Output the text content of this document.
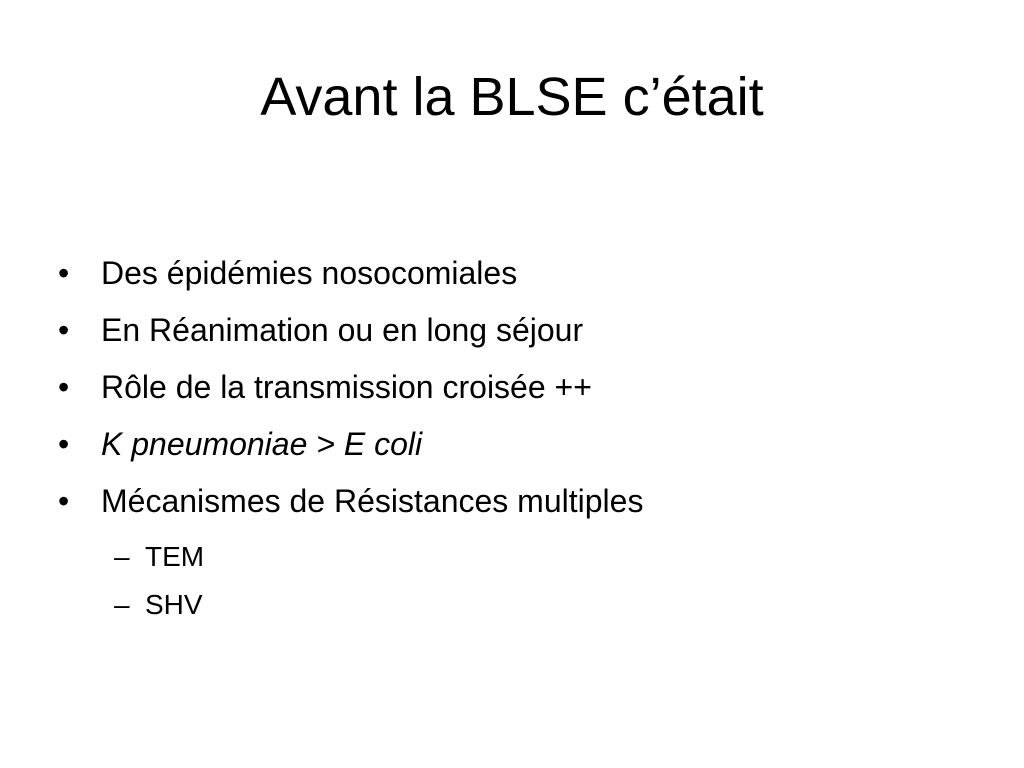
Avant la BLSE c’était
• Des épidémies nosocomiales
• En Réanimation ou en long séjour
• Rôle de la transmission croisée ++
• K pneumoniae > E coli
• Mécanismes de Résistances multiples
– TEM
– SHV
